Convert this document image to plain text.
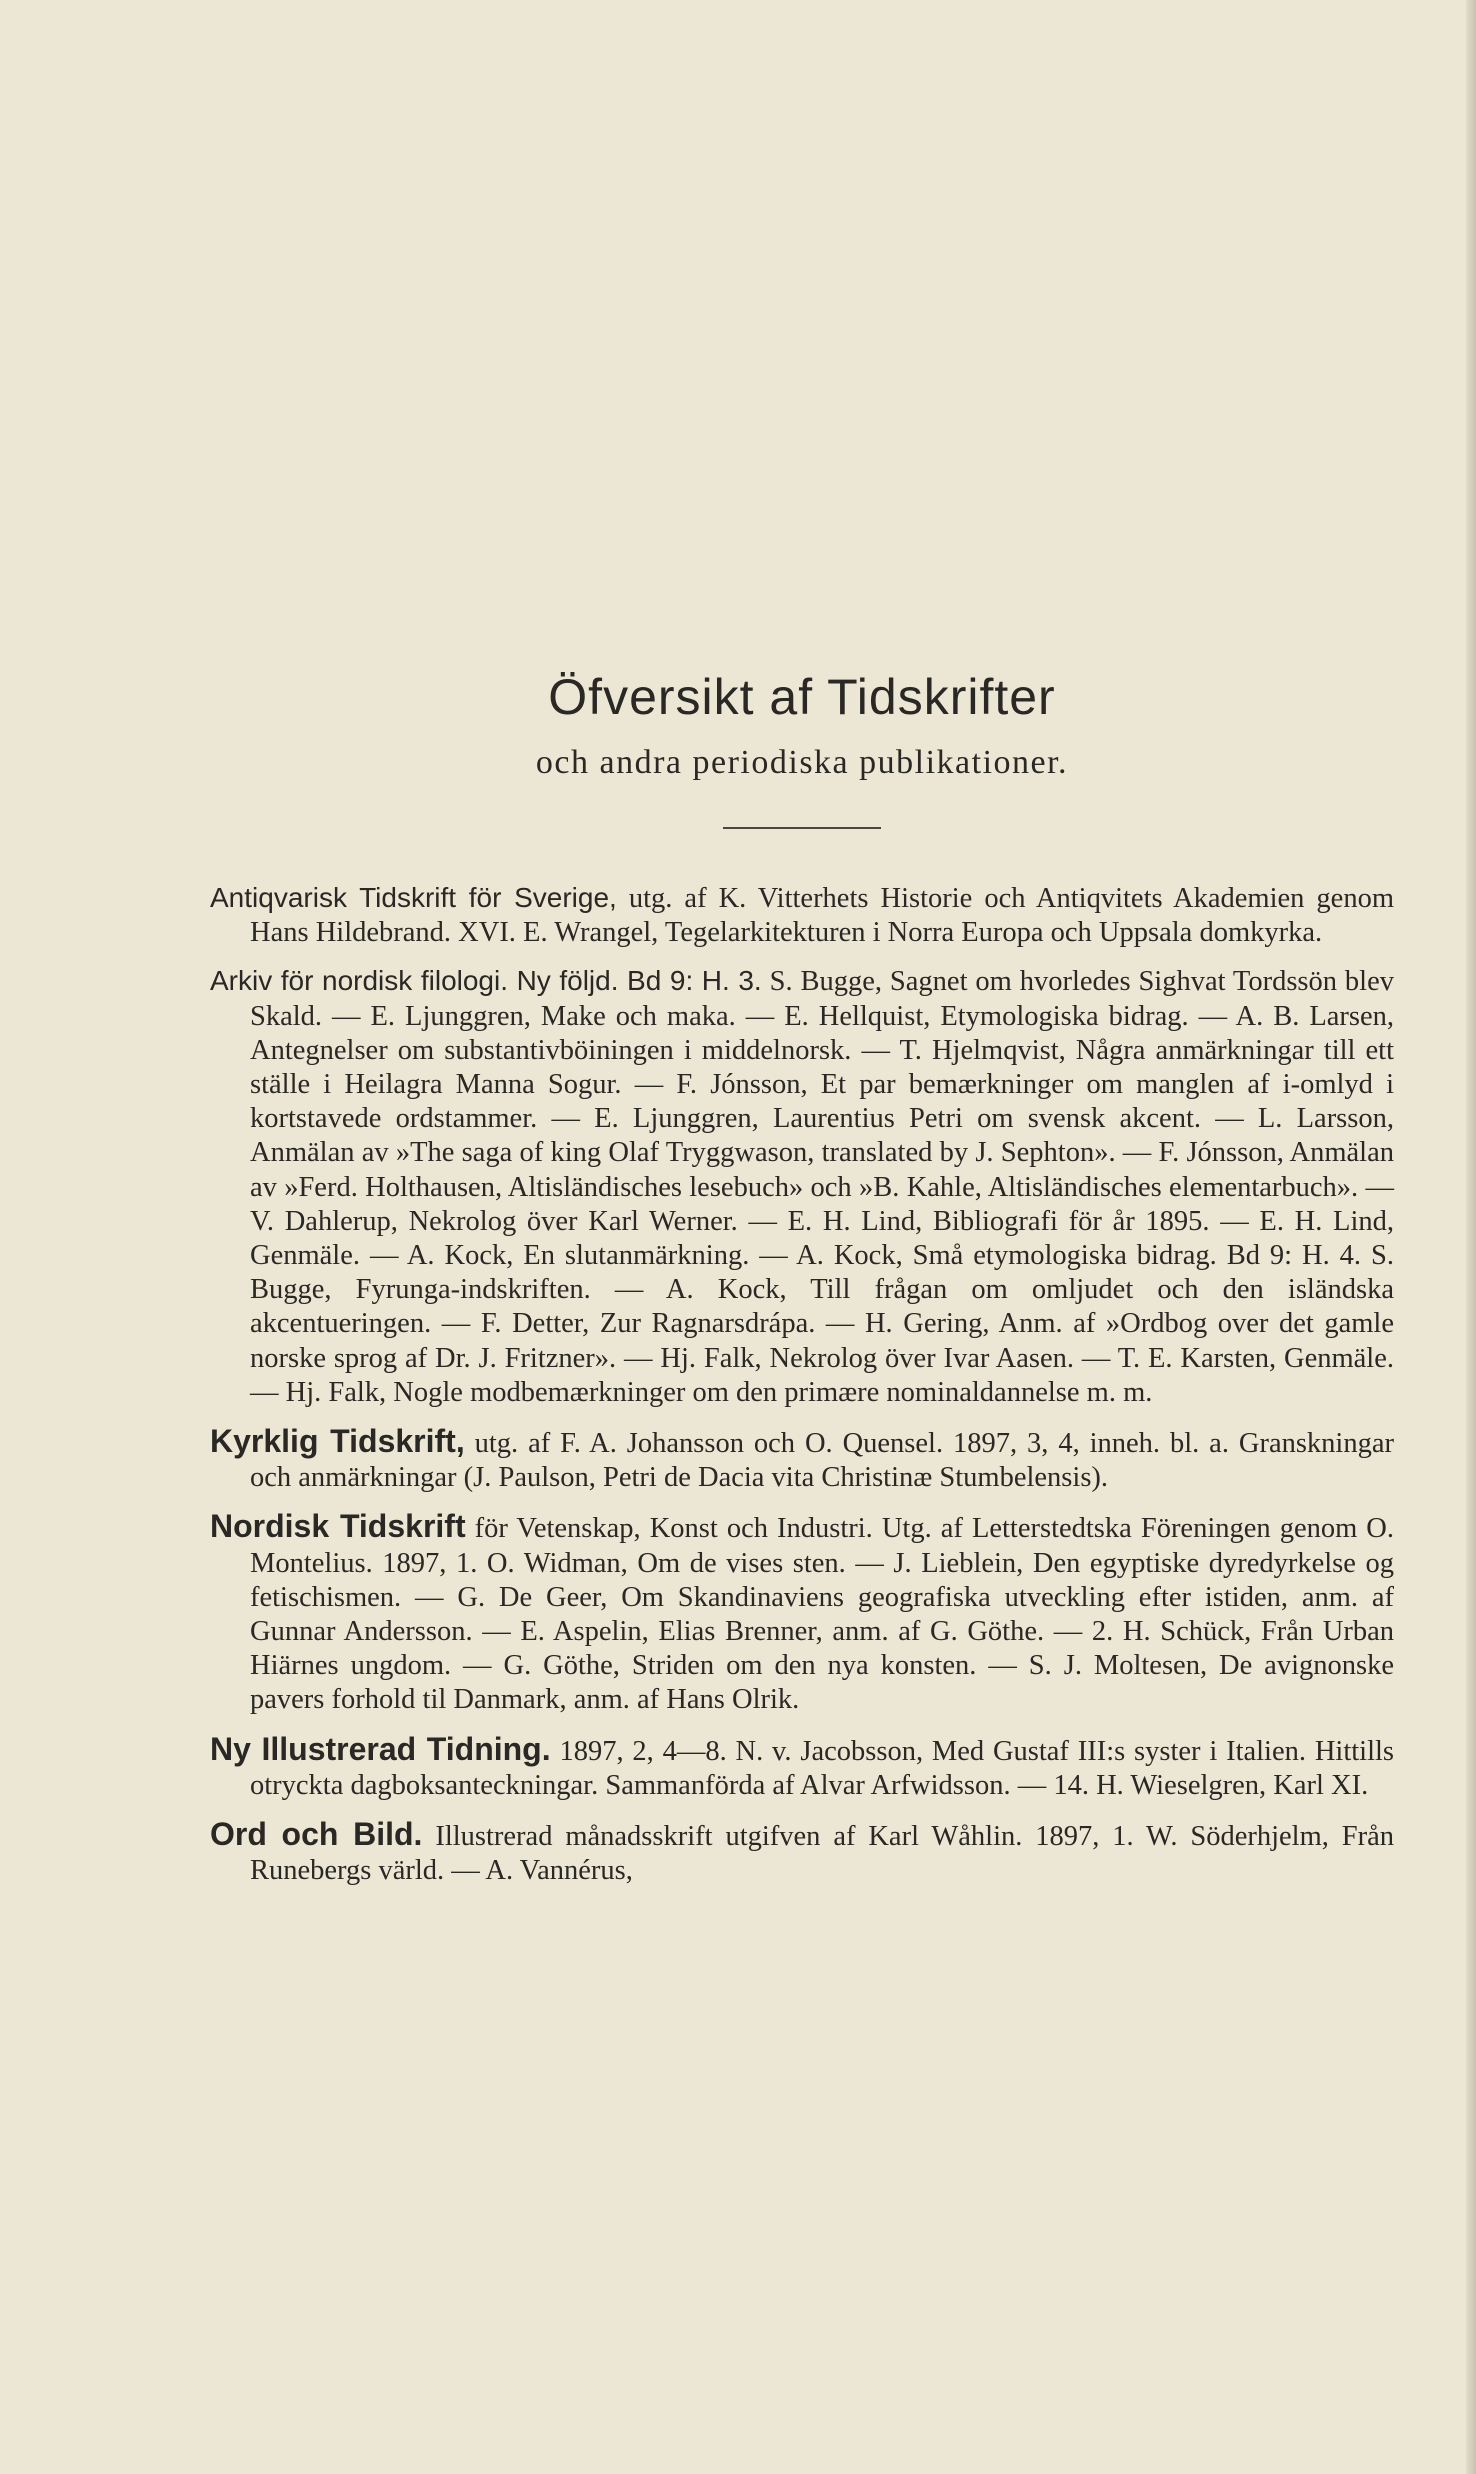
Öfversikt af Tidskrifter

och andra periodiska publikationer.

Antiqvarisk Tidskrift för Sverige, utg. af K. Vitterhets Historie och Antiqvitets Akademien genom Hans Hildebrand. XVI. E. Wrangel, Tegelarkitekturen i Norra Europa och Uppsala domkyrka.

Arkiv för nordisk filologi. Ny följd. Bd 9: H. 3. S. Bugge, Sagnet om hvorledes Sighvat Tordssön blev Skald. — E. Ljunggren, Make och maka. — E. Hellquist, Etymologiska bidrag. — A. B. Larsen, Antegnelser om substantivböiningen i middelnorsk. — T. Hjelmqvist, Några anmärkningar till ett ställe i Heilagra Manna Sogur. — F. Jónsson, Et par bemærkninger om manglen af i-omlyd i kortstavede ordstammer. — E. Ljunggren, Laurentius Petri om svensk akcent. — L. Larsson, Anmälan av »The saga of king Olaf Tryggwason, translated by J. Sephton». — F. Jónsson, Anmälan av »Ferd. Holthausen, Altisländisches lesebuch» och »B. Kahle, Altisländisches elementarbuch». — V. Dahlerup, Nekrolog över Karl Werner. — E. H. Lind, Bibliografi för år 1895. — E. H. Lind, Genmäle. — A. Kock, En slutanmärkning. — A. Kock, Små etymologiska bidrag. Bd 9: H. 4. S. Bugge, Fyrunga-indskriften. — A. Kock, Till frågan om omljudet och den isländska akcentueringen. — F. Detter, Zur Ragnarsdrápa. — H. Gering, Anm. af »Ordbog over det gamle norske sprog af Dr. J. Fritzner». — Hj. Falk, Nekrolog över Ivar Aasen. — T. E. Karsten, Genmäle. — Hj. Falk, Nogle modbemærkninger om den primære nominaldannelse m. m.

Kyrklig Tidskrift, utg. af F. A. Johansson och O. Quensel. 1897, 3, 4, inneh. bl. a. Granskningar och anmärkningar (J. Paulson, Petri de Dacia vita Christinæ Stumbelensis).

Nordisk Tidskrift för Vetenskap, Konst och Industri. Utg. af Letterstedtska Föreningen genom O. Montelius. 1897, 1. O. Widman, Om de vises sten. — J. Lieblein, Den egyptiske dyredyrkelse og fetischismen. — G. De Geer, Om Skandinaviens geografiska utveckling efter istiden, anm. af Gunnar Andersson. — E. Aspelin, Elias Brenner, anm. af G. Göthe. — 2. H. Schück, Från Urban Hiärnes ungdom. — G. Göthe, Striden om den nya konsten. — S. J. Moltesen, De avignonske pavers forhold til Danmark, anm. af Hans Olrik.

Ny Illustrerad Tidning. 1897, 2, 4—8. N. v. Jacobsson, Med Gustaf III:s syster i Italien. Hittills otryckta dagboksanteckningar. Sammanförda af Alvar Arfwidsson. — 14. H. Wieselgren, Karl XI.

Ord och Bild. Illustrerad månadsskrift utgifven af Karl Wåhlin. 1897, 1. W. Söderhjelm, Från Runebergs värld. — A. Vannérus,
